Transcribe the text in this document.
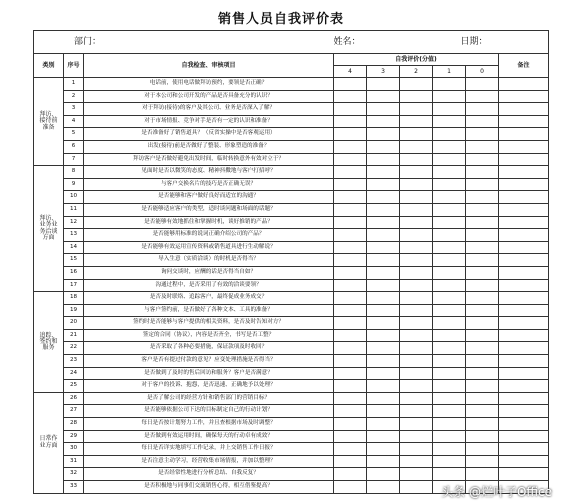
销售人员自我评价表
部门：			姓名：			日期：		
类别	序号	自我检查、审核项目	自我评价(分值)					备注
			4	3	2	1	0	
拜访、接待前准备	1	电话前，使用电话做拜访预约，要领是否正确？						
	2	对于本公司和公司开发的产品是否具备充分的认识？						
	3	对于拜访(接待)的客户及其公司、业务是否深入了解？						
	4	对于市场情报、竞争对手是否有一定的认识和准备？						
	5	是否准备好了销售道具？（反省实操中是否客观运用）						
	6	出发(接待)前是否做好了整装、形象塑造的准备？						
	7	拜访客户是否做好避免出发时间，临时转换意外有效对立于？						
拜访、业务业务洽谈方面	8	见面时是否以微笑的态度、精神抖擞地与客户打招呼？						
	9	与客户交换名片的技巧是否正确无误？						
	10	是否能够和客户做好良好而适宜的沟通？						
	11	是否能够适应客户的类型，适时谈问题和场面的话题？						
	12	是否能够有效地抓住和掌握时机，谈好推销的产品？						
	13	是否能够用标准的说词正确介绍公司的产品？						
	14	是否能够有效运用宣传资料或销售道具进行生动解说？						
	15	导入生意（实质洽谈）的时机是否得当？						
	16	询问交谈时，应酬的话是否得当自如？						
	17	沟通过程中，是否采用了有效的洽谈要领？						
追踪、签约和服务	18	是否及时联络、追踪客户，最终促成业务成交？						
	19	与客户签约前，是否做好了各种文本、工具的准备？						
	20	签约时是否能够与客户提供的相关资料，是否及时告知对方？						
	21	签定的合同（协议），内容是否齐全，书写是否工整？						
	22	是否采取了各种必要措施，保证款项及时收回？						
	23	客户是否有提过付款的意见？应变处理措施是否得当？						
	24	是否做到了及时的售后回访和服务？客户是否满意？						
	25	对于客户的投诉、抱怨，是否迅速、正确地予以处理？						
日常作业方面	26	是否了解公司的经营方针和销售部门的营销目标？						
	27	是否能够依据公司下达的目标制定自己的行动计划？						
	28	每日是否按计划努力工作，并且查根据市场及时调整？						
	29	是否做到有效运用时间，确保每天的行动卓有成效？						
	30	每日是否详实地填写工作记录，并上交销售工作日报？						
	31	是否注意主动学习，经营收集市场情报，并加以整理？						
	32	是否经常性地进行分析总结、自我反复？						
	33	是否积极地与同事们交流销售心得，相互借鉴提高？							头条 @烂叶子Office
